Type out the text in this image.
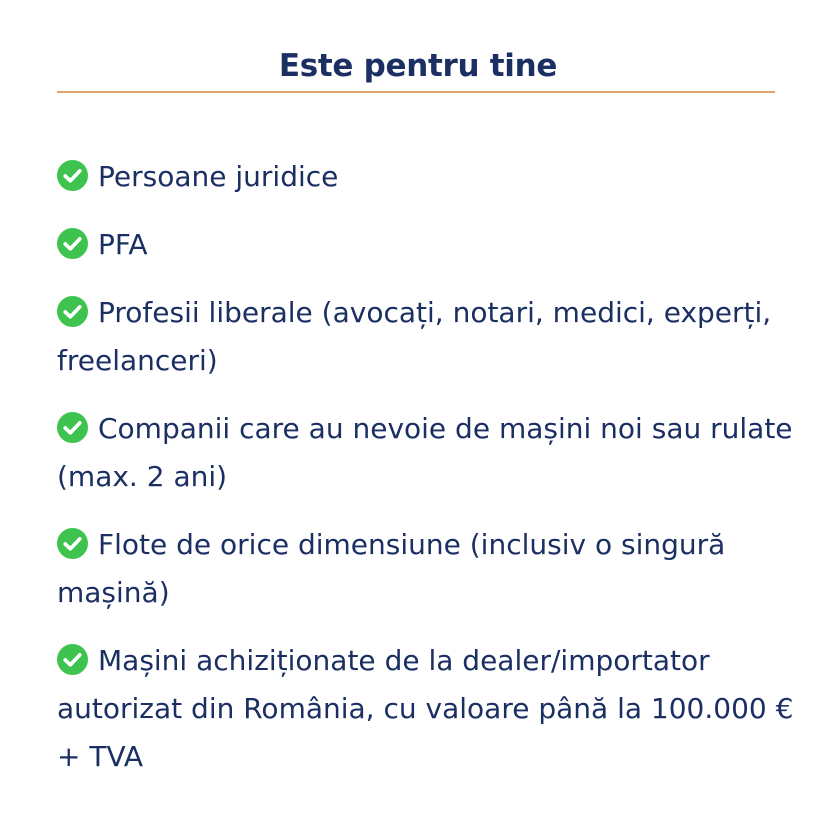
Este pentru tine
Persoane juridice
PFA
Profesii liberale (avocați, notari, medici, experți, freelanceri)
Companii care au nevoie de mașini noi sau rulate (max. 2 ani)
Flote de orice dimensiune (inclusiv o singură mașină)
Mașini achiziționate de la dealer/importator autorizat din România, cu valoare până la 100.000 € + TVA
